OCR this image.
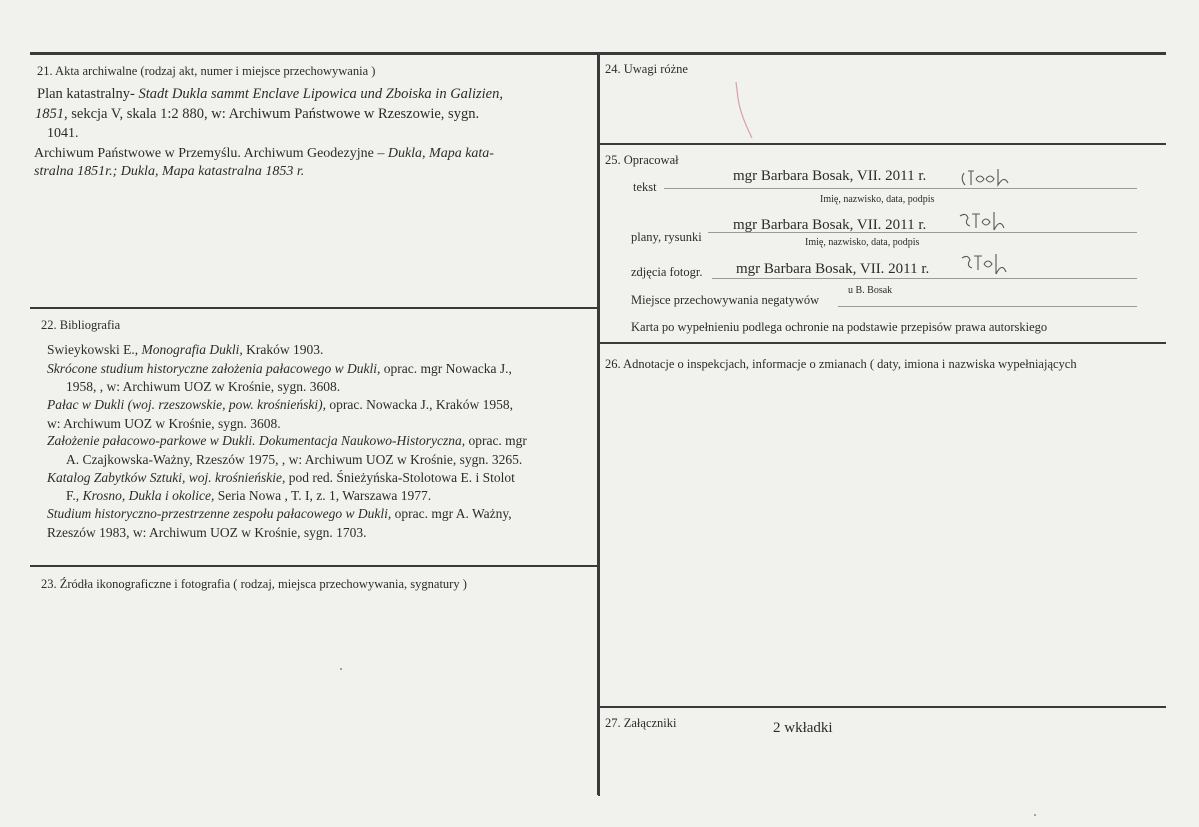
21. Akta archiwalne (rodzaj akt, numer i miejsce przechowywania )
Plan katastralny- Stadt Dukla sammt Enclave Lipowica und Zboiska in Galizien,
1851, sekcja V, skala 1:2 880, w: Archiwum Państwowe w Rzeszowie, sygn.
1041.
Archiwum Państwowe w Przemyślu. Archiwum Geodezyjne – Dukla, Mapa kata-
stralna 1851r.; Dukla, Mapa katastralna 1853 r.
22. Bibliografia
Swieykowski E., Monografia Dukli, Kraków 1903.
Skrócone studium historyczne założenia pałacowego w Dukli, oprac. mgr Nowacka J.,
1958, , w: Archiwum UOZ w Krośnie, sygn. 3608.
Pałac w Dukli (woj. rzeszowskie, pow. krośnieński), oprac. Nowacka J., Kraków 1958,
w: Archiwum UOZ w Krośnie, sygn. 3608.
Założenie pałacowo-parkowe w Dukli. Dokumentacja Naukowo-Historyczna, oprac. mgr
A. Czajkowska-Ważny, Rzeszów 1975, , w: Archiwum UOZ w Krośnie, sygn. 3265.
Katalog Zabytków Sztuki, woj. krośnieńskie, pod red. Śnieżyńska-Stolotowa E. i Stolot
F., Krosno, Dukla i okolice, Seria Nowa , T. I, z. 1, Warszawa 1977.
Studium historyczno-przestrzenne zespołu pałacowego w Dukli, oprac. mgr A. Ważny,
Rzeszów 1983, w: Archiwum UOZ w Krośnie, sygn. 1703.
23. Źródła ikonograficzne i fotografia ( rodzaj, miejsca przechowywania, sygnatury )
24. Uwagi różne
25. Opracował
tekst
mgr Barbara Bosak, VII. 2011 r.
Imię, nazwisko, data, podpis
plany, rysunki
mgr Barbara Bosak, VII. 2011 r.
Imię, nazwisko, data, podpis
zdjęcia fotogr. mgr Barbara Bosak, VII. 2011 r.
Miejsce przechowywania negatywów
u B. Bosak
Karta po wypełnieniu podlega ochronie na podstawie przepisów prawa autorskiego
26. Adnotacje o inspekcjach, informacje o zmianach ( daty, imiona i nazwiska wypełniających
27. Załączniki	2 wkładki
